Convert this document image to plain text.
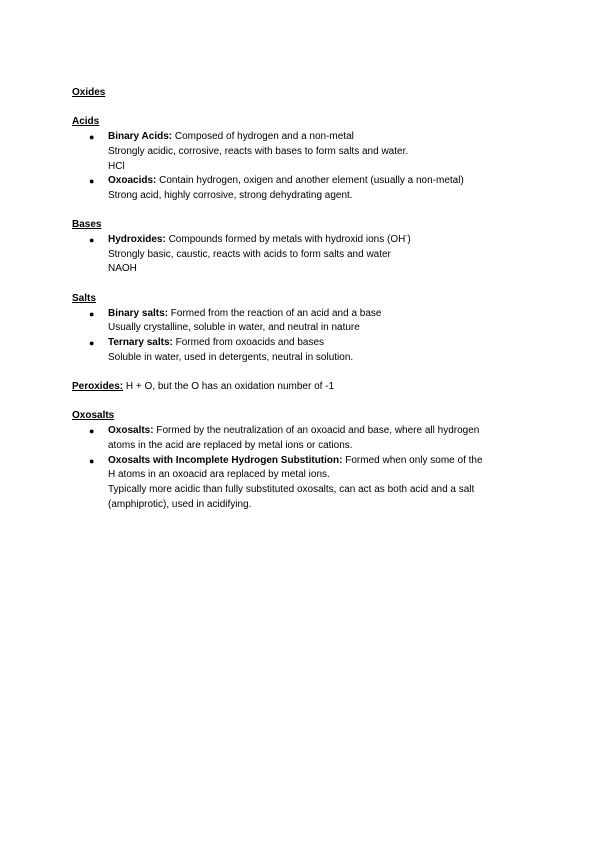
Oxides

Acids

● Binary Acids: Composed of hydrogen and a non-metal
Strongly acidic, corrosive, reacts with bases to form salts and water.
HCl
● Oxoacids: Contain hydrogen, oxigen and another element (usually a non-metal)
Strong acid, highly corrosive, strong dehydrating agent.

Bases

● Hydroxides: Compounds formed by metals with hydroxid ions (OH-)
Strongly basic, caustic, reacts with acids to form salts and water
NAOH

Salts

● Binary salts: Formed from the reaction of an acid and a base
Usually crystalline, soluble in water, and neutral in nature
● Ternary salts: Formed from oxoacids and bases
Soluble in water, used in detergents, neutral in solution.
Peroxides: H + O, but the O has an oxidation number of -1

Oxosalts

● Oxosalts: Formed by the neutralization of an oxoacid and base, where all hydrogen
atoms in the acid are replaced by metal ions or cations.
● Oxosalts with Incomplete Hydrogen Substitution: Formed when only some of the
H atoms in an oxoacid ara replaced by metal ions.
Typically more acidic than fully substituted oxosalts, can act as both acid and a salt
(amphiprotic), used in acidifying.
